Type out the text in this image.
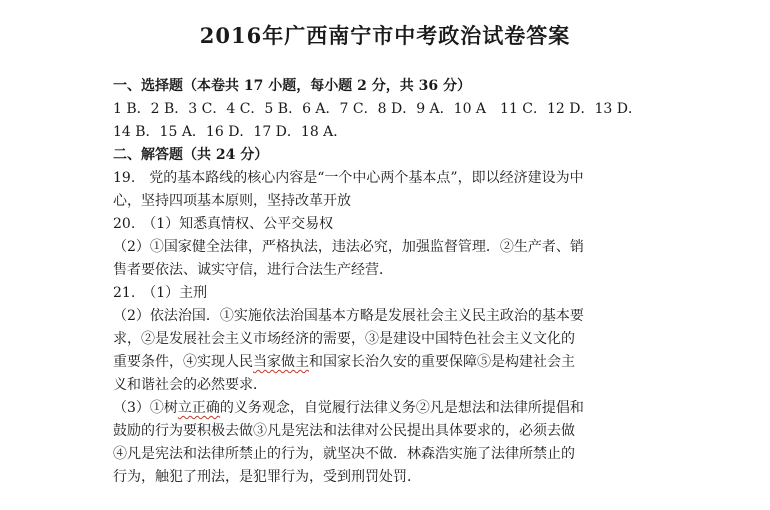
2016年广西南宁市中考政治试卷答案
一、选择题（本卷共 17 小题，每小题 2 分，共 36 分）
1 B．2 B．3 C．4 C．5 B．6 A．7 C．8 D．9 A．10 A　11 C．12 D．13 D．
14 B．15 A．16 D．17 D．18 A．
二、解答题（共 24 分）
19.　党的基本路线的核心内容是“一个中心两个基本点”，即以经济建设为中
心，坚持四项基本原则，坚持改革开放
20.　（1）知悉真情权、公平交易权
（2）①国家健全法律，严格执法，违法必究，加强监督管理．②生产者、销
售者要依法、诚实守信，进行合法生产经营．
21.　（1）主刑
（2）依法治国．①实施依法治国基本方略是发展社会主义民主政治的基本要
求，②是发展社会主义市场经济的需要，③是建设中国特色社会主义文化的
重要条件，④实现人民当家做主和国家长治久安的重要保障⑤是构建社会主
义和谐社会的必然要求．
（3）①树立正确的义务观念，自觉履行法律义务②凡是想法和法律所提倡和
鼓励的行为要积极去做③凡是宪法和法律对公民提出具体要求的，必须去做
④凡是宪法和法律所禁止的行为，就坚决不做．林森浩实施了法律所禁止的
行为，触犯了刑法，是犯罪行为，受到刑罚处罚．
